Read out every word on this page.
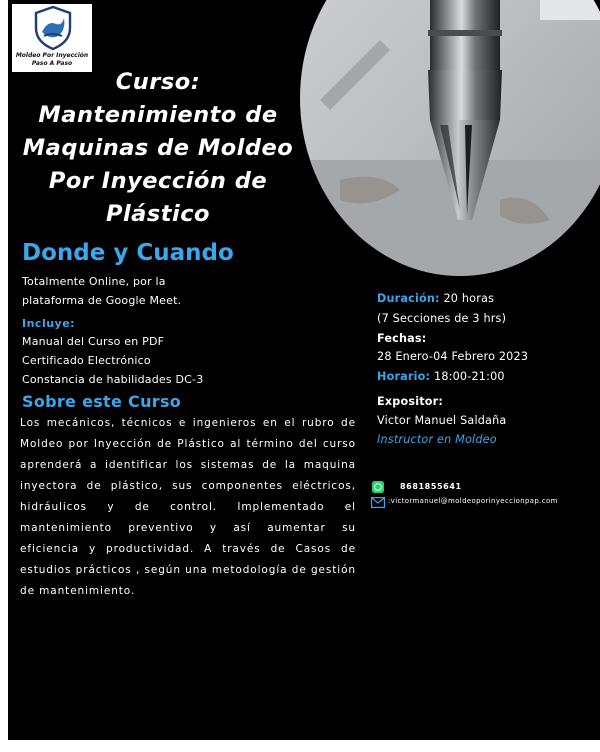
Moldeo Por Inyección
Paso A Paso
Curso:
Mantenimiento de
Maquinas de Moldeo
Por Inyección de
Plástico
Donde y Cuando
Totalmente Online, por la
plataforma de Google Meet.
Incluye:
Manual del Curso en PDF
Certificado Electrónico
Constancia de habilidades DC-3
Sobre este Curso
Los mecánicos, técnicos e ingenieros en el rubro de Moldeo por Inyección de Plástico al término del curso aprenderá a identificar los sistemas de la maquina inyectora de plástico, sus componentes eléctricos, hidráulicos y de control. Implementado el mantenimiento preventivo y así aumentar su eficiencia y productividad. A través de Casos de estudios prácticos , según una metodología de gestión de mantenimiento.
Duración: 20 horas
(7 Secciones de 3 hrs)
Fechas:
28 Enero-04 Febrero 2023
Horario: 18:00-21:00
Expositor:
Victor Manuel Saldaña
Instructor en Moldeo
8681855641
:victormanuel@moldeoporinyeccionpap.com
